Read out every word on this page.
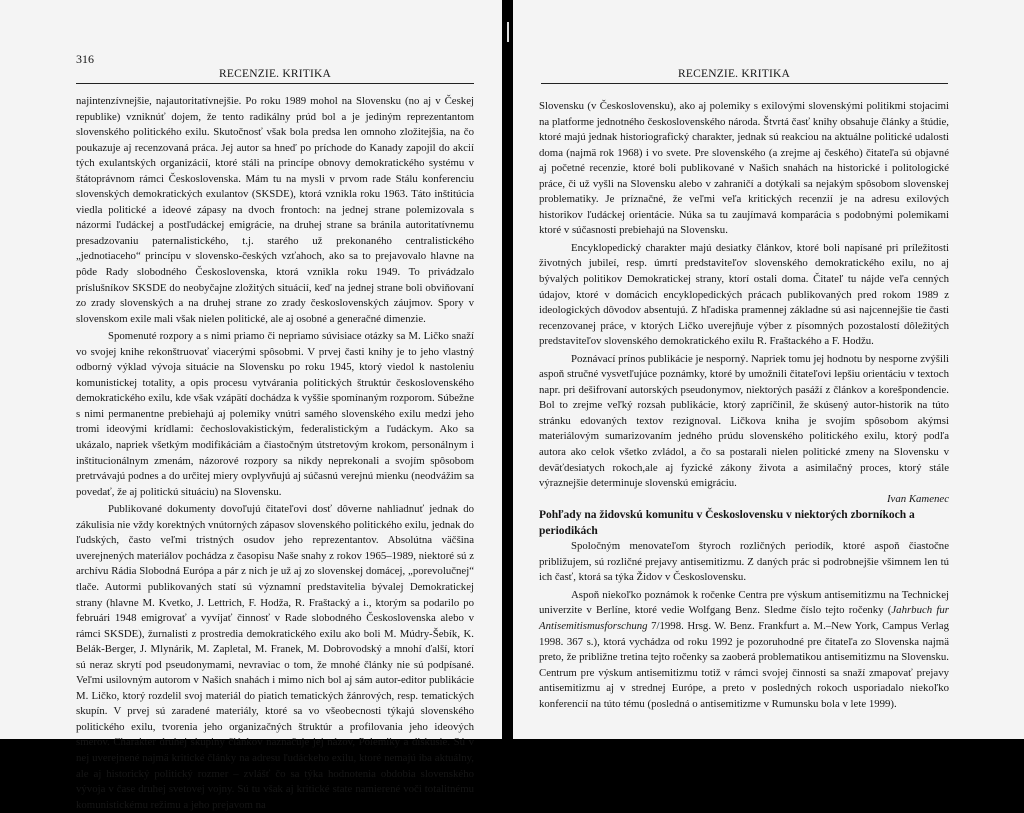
316
RECENZIE. KRITIKA

najintenzívnejšie, najautoritatívnejšie. Po roku 1989 mohol na Slovensku (no aj v Českej republike) vzniknúť dojem, že tento radikálny prúd bol a je jediným reprezentantom slovenského politického exilu. Skutočnosť však bola predsa len omnoho zložitejšia, na čo poukazuje aj recenzovaná práca. Jej autor sa hneď po príchode do Kanady zapojil do akcií tých exulantských organizácií, ktoré stáli na princípe obnovy demokratického systému v štátoprávnom rámci Československa. Mám tu na mysli v prvom rade Stálu konferenciu slovenských demokratických exulantov (SKSDE), ktorá vznikla roku 1963. Táto inštitúcia viedla politické a ideové zápasy na dvoch frontoch: na jednej strane polemizovala s názormi ľudáckej a postľudáckej emigrácie, na druhej strane sa bránila autoritatívnemu presadzovaniu paternalistického, t.j. starého už prekonaného centralistického „jednotiaceho“ princípu v slovensko-českých vzťahoch, ako sa to prejavovalo hlavne na pôde Rady slobodného Československa, ktorá vznikla roku 1949. To privádzalo príslušníkov SKSDE do neobyčajne zložitých situácií, keď na jednej strane boli obviňovaní zo zrady slovenských a na druhej strane zo zrady československých záujmov. Spory v slovenskom exile mali však nielen politické, ale aj osobné a generačné dimenzie.

Spomenuté rozpory a s nimi priamo či nepriamo súvisiace otázky sa M. Ličko snaží vo svojej knihe rekonštruovať viacerými spôsobmi. V prvej časti knihy je to jeho vlastný odborný výklad vývoja situácie na Slovensku po roku 1945, ktorý viedol k nastoleniu komunistickej totality, a opis procesu vytvárania politických štruktúr československého demokratického exilu, kde však vzápätí dochádza k vyššie spomínaným rozporom. Súbežne s nimi permanentne prebiehajú aj polemiky vnútri samého slovenského exilu medzi jeho tromi ideovými krídlami: čechoslovakistickým, federalistickým a ľudáckym. Ako sa ukázalo, napriek všetkým modifikáciám a čiastočným útstretovým krokom, personálnym i inštitucionálnym zmenám, názorové rozpory sa nikdy neprekonali a svojím spôsobom pretrvávajú podnes a do určitej miery ovplyvňujú aj súčasnú verejnú mienku (neodvážim sa povedať, že aj politickú situáciu) na Slovensku.

Publikované dokumenty dovoľujú čitateľovi dosť dôverne nahliadnuť jednak do zákulisia nie vždy korektných vnútorných zápasov slovenského politického exilu, jednak do ľudských, často veľmi tristných osudov jeho reprezentantov. Absolútna väčšina uverejnených materiálov pochádza z časopisu Naše snahy z rokov 1965–1989, niektoré sú z archívu Rádia Slobodná Európa a pár z nich je už aj zo slovenskej domácej, „porevolučnej“ tlače. Autormi publikovaných statí sú významní predstavitelia bývalej Demokratickej strany (hlavne M. Kvetko, J. Lettrich, F. Hodža, R. Fraštacký a i., ktorým sa podarilo po februári 1948 emigrovať a vyvíjať činnosť v Rade slobodného Československa alebo v rámci SKSDE), žurnalisti z prostredia demokratického exilu ako boli M. Múdry-Šebík, K. Belák-Berger, J. Mlynárik, M. Zapletal, M. Franek, M. Dobrovodský a mnohí ďalší, ktorí sú neraz skrytí pod pseudonymami, nevraviac o tom, že mnohé články nie sú podpísané. Veľmi usilovným autorom v Našich snahách i mimo nich bol aj sám autor-editor publikácie M. Ličko, ktorý rozdelil svoj materiál do piatich tematických žánrových, resp. tematických skupín. V prvej sú zaradené materiály, ktoré sa vo všeobecnosti týkajú slovenského politického exilu, tvorenia jeho organizačných štruktúr a profilovania jeho ideových smerov. Charakter druhej skupiny článkov naznačuje jej názov, Polemiky a diskusie. Sú v nej uverejnené najmä kritické články na adresu ľudáckeho exilu, ktoré nemajú iba aktuálny, ale aj historický politický rozmer – zvlášť čo sa týka hodnotenia obdobia slovenského vývoja v čase druhej svetovej vojny. Sú tu však aj kritické state namierené voči totalitnému komunistickému režimu a jeho prejavom na

RECENZIE. KRITIKA

Slovensku (v Československu), ako aj polemiky s exilovými slovenskými politikmi stojacimi na platforme jednotného československého národa. Štvrtá časť knihy obsahuje články a štúdie, ktoré majú jednak historiografický charakter, jednak sú reakciou na aktuálne politické udalosti doma (najmä rok 1968) i vo svete. Pre slovenského (a zrejme aj českého) čitateľa sú objavné aj početné recenzie, ktoré boli publikované v Našich snahách na historické i politologické práce, či už vyšli na Slovensku alebo v zahraničí a dotýkali sa nejakým spôsobom slovenskej problematiky. Je príznačné, že veľmi veľa kritických recenzií je na adresu exilových historikov ľudáckej orientácie. Núka sa tu zaujímavá komparácia s podobnými polemikami ktoré v súčasnosti prebiehajú na Slovensku.

Encyklopedický charakter majú desiatky článkov, ktoré boli napísané pri príležitosti životných jubileí, resp. úmrtí predstaviteľov slovenského demokratického exilu, no aj bývalých politikov Demokratickej strany, ktorí ostali doma. Čitateľ tu nájde veľa cenných údajov, ktoré v domácich encyklopedických prácach publikovaných pred rokom 1989 z ideologických dôvodov absentujú. Z hľadiska pramennej základne sú asi najcennejšie tie časti recenzovanej práce, v ktorých Ličko uverejňuje výber z písomných pozostalostí dôležitých predstaviteľov slovenského demokratického exilu R. Fraštackého a F. Hodžu.

Poznávací prínos publikácie je nesporný. Napriek tomu jej hodnotu by nesporne zvýšili aspoň stručné vysvetľujúce poznámky, ktoré by umožnili čitateľovi lepšiu orientáciu v textoch napr. pri dešifrovaní autorských pseudonymov, niektorých pasáží z článkov a korešpondencie. Bol to zrejme veľký rozsah publikácie, ktorý zapríčinil, že skúsený autor-historik na túto stránku edovaných textov rezignoval. Ličkova kniha je svojím spôsobom akýmsi materiálovým sumarizovaním jedného prúdu slovenského politického exilu, ktorý podľa autora ako celok všetko zvládol, a čo sa postarali nielen politické zmeny na Slovensku v deväťdesiatych rokoch,ale aj fyzické zákony života a asimilačný proces, ktorý stále výraznejšie determinuje slovenskú emigráciu.

Ivan Kamenec

Pohľady na židovskú komunitu v Československu v niektorých zborníkoch a periodikách

Spoločným menovateľom štyroch rozličných periodík, ktoré aspoň čiastočne približujem, sú rozličné prejavy antisemitizmu. Z daných prác si podrobnejšie všimnem len tú ich časť, ktorá sa týka Židov v Československu.

Aspoň niekoľko poznámok k ročenke Centra pre výskum antisemitizmu na Technickej univerzite v Berlíne, ktoré vedie Wolfgang Benz. Sledme číslo tejto ročenky (Jahrbuch fur Antisemitismusforschung 7/1998. Hrsg. W. Benz. Frankfurt a. M.–New York, Campus Verlag 1998. 367 s.), ktorá vychádza od roku 1992 je pozoruhodné pre čitateľa zo Slovenska najmä preto, že približne tretina tejto ročenky sa zaoberá problematikou antisemitizmu na Slovensku. Centrum pre výskum antisemitizmu totiž v rámci svojej činnosti sa snaží zmapovať prejavy antisemitizmu aj v strednej Európe, a preto v posledných rokoch usporiadalo niekoľko konferencií na túto tému (posledná o antisemitizme v Rumunsku bola v lete 1999).
